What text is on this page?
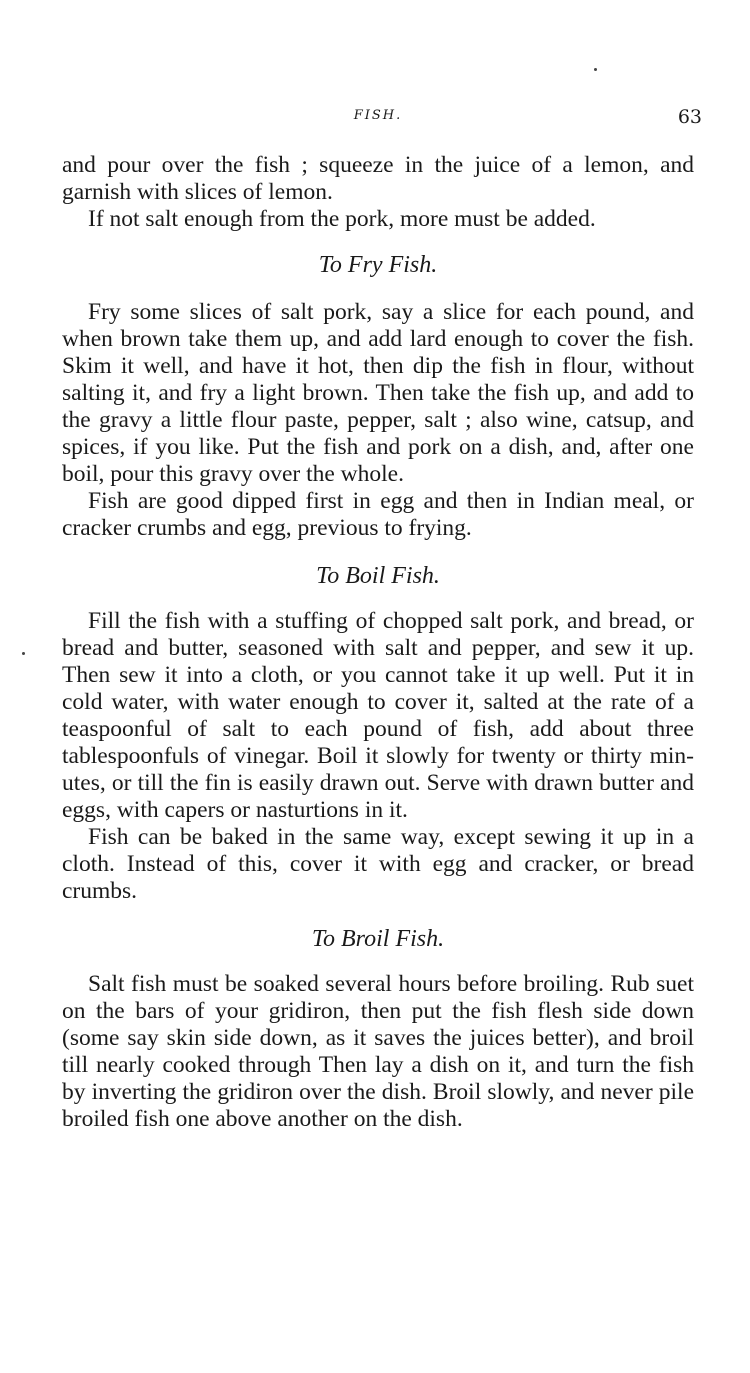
FISH.	63

and pour over the fish ; squeeze in the juice of a lemon, and garnish with slices of lemon.

If not salt enough from the pork, more must be added.

To Fry Fish.

Fry some slices of salt pork, say a slice for each pound, and when brown take them up, and add lard enough to cover the fish. Skim it well, and have it hot, then dip the fish in flour, without salting it, and fry a light brown. Then take the fish up, and add to the gravy a little flour paste, pepper, salt ; also wine, catsup, and spices, if you like. Put the fish and pork on a dish, and, after one boil, pour this gravy over the whole.

Fish are good dipped first in egg and then in Indian meal, or cracker crumbs and egg, previous to frying.

To Boil Fish.

Fill the fish with a stuffing of chopped salt pork, and bread, or bread and butter, seasoned with salt and pepper, and sew it up. Then sew it into a cloth, or you cannot take it up well. Put it in cold water, with water enough to cover it, salted at the rate of a teaspoonful of salt to each pound of fish, add about three tablespoonfuls of vinegar. Boil it slowly for twenty or thirty minutes, or till the fin is easily drawn out. Serve with drawn butter and eggs, with capers or nasturtions in it.

Fish can be baked in the same way, except sewing it up in a cloth. Instead of this, cover it with egg and cracker, or bread crumbs.

To Broil Fish.

Salt fish must be soaked several hours before broiling. Rub suet on the bars of your gridiron, then put the fish flesh side down (some say skin side down, as it saves the juices better), and broil till nearly cooked through Then lay a dish on it, and turn the fish by inverting the gridiron over the dish. Broil slowly, and never pile broiled fish one above another on the dish.
